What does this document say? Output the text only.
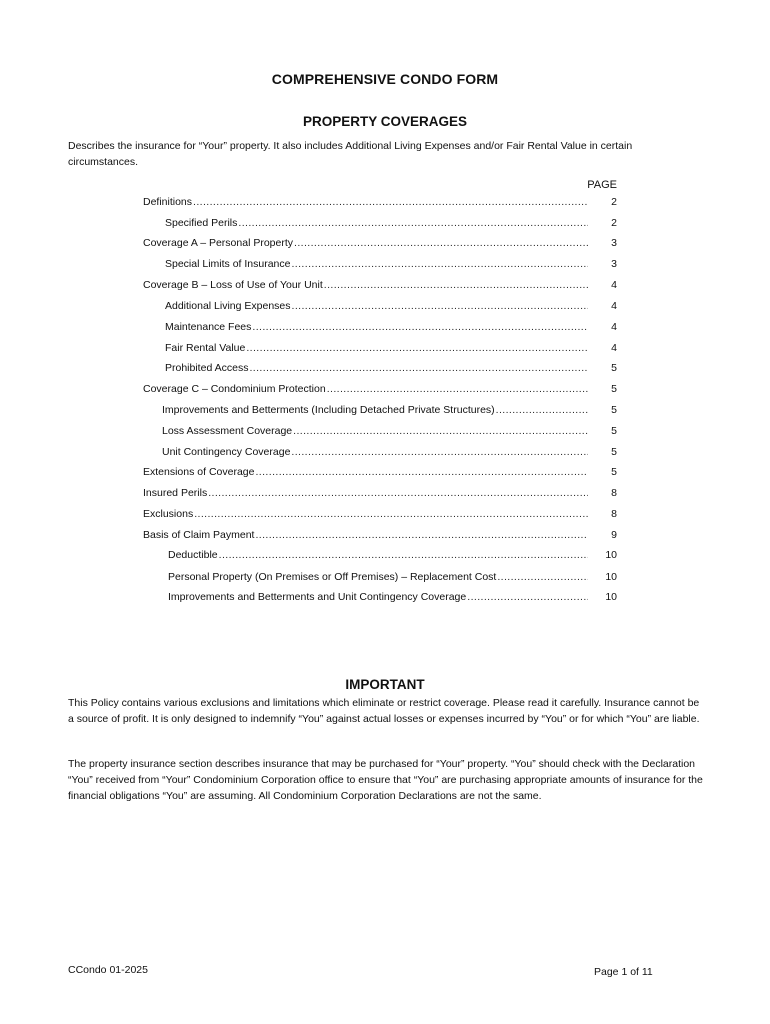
COMPREHENSIVE CONDO FORM
PROPERTY COVERAGES
Describes the insurance for “Your” property. It also includes Additional Living Expenses and/or Fair Rental Value in certain circumstances.
PAGE
Definitions .....	2
Specified Perils .....	2
Coverage A – Personal Property .....	3
Special Limits of Insurance .....	3
Coverage B – Loss of Use of Your Unit .....	4
Additional Living Expenses .....	4
Maintenance Fees .....	4
Fair Rental Value .....	4
Prohibited Access .....	5
Coverage C – Condominium Protection .....	5
Improvements and Betterments (Including Detached Private Structures) .....	5
Loss Assessment Coverage .....	5
Unit Contingency Coverage .....	5
Extensions of Coverage .....	5
Insured Perils .....	8
Exclusions .....	8
Basis of Claim Payment .....	9
Deductible .....	10
Personal Property (On Premises or Off Premises) – Replacement Cost .....	10
Improvements and Betterments and Unit Contingency Coverage .....	10
IMPORTANT
This Policy contains various exclusions and limitations which eliminate or restrict coverage. Please read it carefully. Insurance cannot be a source of profit. It is only designed to indemnify “You” against actual losses or expenses incurred by “You” or for which “You” are liable.
The property insurance section describes insurance that may be purchased for “Your” property. “You” should check with the Declaration “You” received from “Your” Condominium Corporation office to ensure that “You” are purchasing appropriate amounts of insurance for the financial obligations “You” are assuming. All Condominium Corporation Declarations are not the same.
CCondo 01-2025	Page 1 of 11
